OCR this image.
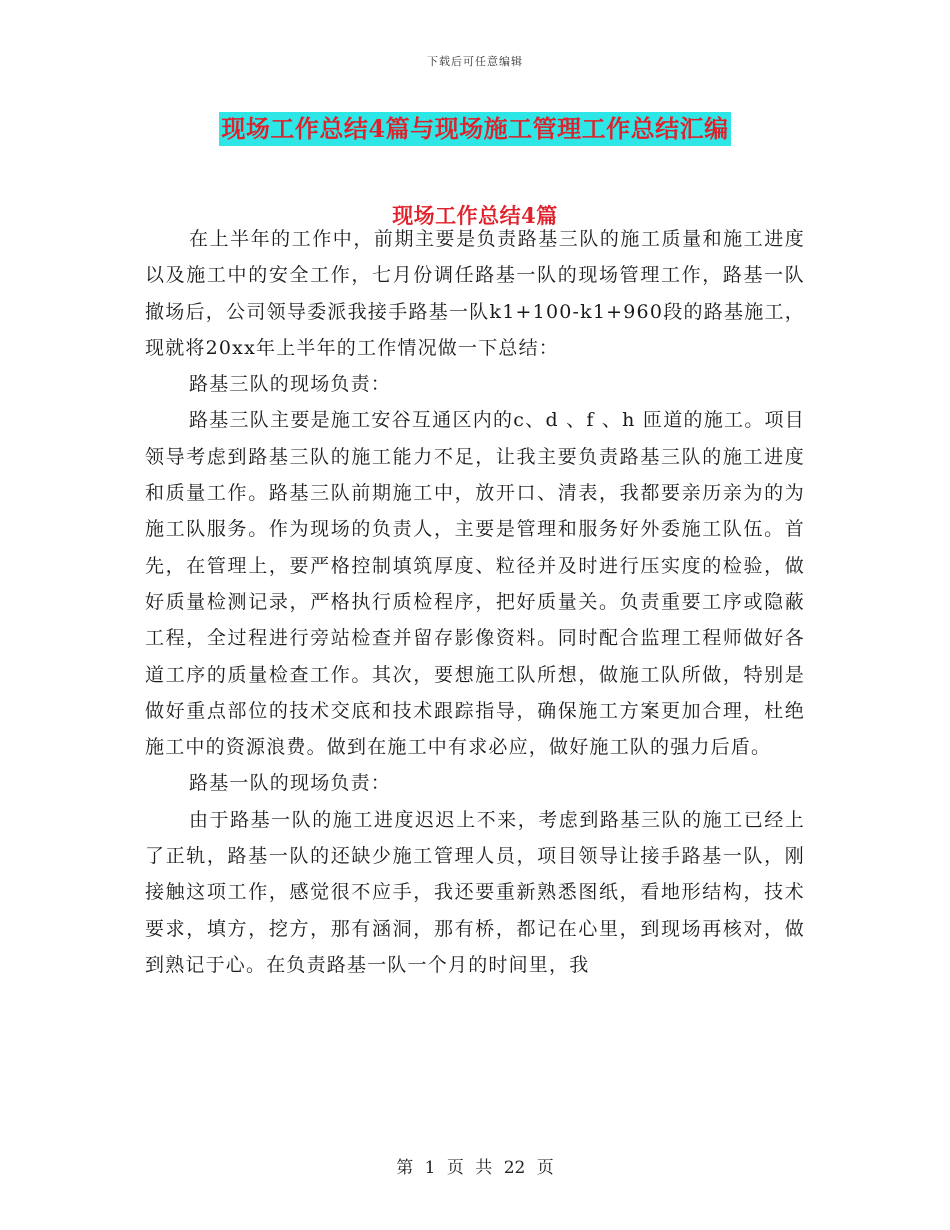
下载后可任意编辑
现场工作总结4篇与现场施工管理工作总结汇编
现场工作总结4篇

在上半年的工作中，前期主要是负责路基三队的施工质量和施工进度以及施工中的安全工作，七月份调任路基一队的现场管理工作，路基一队撤场后，公司领导委派我接手路基一队k1+100-k1+960段的路基施工，现就将20xx年上半年的工作情况做一下总结：

路基三队的现场负责：

路基三队主要是施工安谷互通区内的c、d 、f 、h 匝道的施工。项目领导考虑到路基三队的施工能力不足，让我主要负责路基三队的施工进度和质量工作。路基三队前期施工中，放开口、清表，我都要亲历亲为的为施工队服务。作为现场的负责人，主要是管理和服务好外委施工队伍。首先，在管理上，要严格控制填筑厚度、粒径并及时进行压实度的检验，做好质量检测记录，严格执行质检程序，把好质量关。负责重要工序或隐蔽工程，全过程进行旁站检查并留存影像资料。同时配合监理工程师做好各道工序的质量检查工作。其次，要想施工队所想，做施工队所做，特别是做好重点部位的技术交底和技术跟踪指导，确保施工方案更加合理，杜绝施工中的资源浪费。做到在施工中有求必应，做好施工队的强力后盾。

路基一队的现场负责：

由于路基一队的施工进度迟迟上不来，考虑到路基三队的施工已经上了正轨，路基一队的还缺少施工管理人员，项目领导让接手路基一队，刚接触这项工作，感觉很不应手，我还要重新熟悉图纸，看地形结构，技术要求，填方，挖方，那有涵洞，那有桥，都记在心里，到现场再核对，做到熟记于心。在负责路基一队一个月的时间里，我

第 1 页 共 22 页
